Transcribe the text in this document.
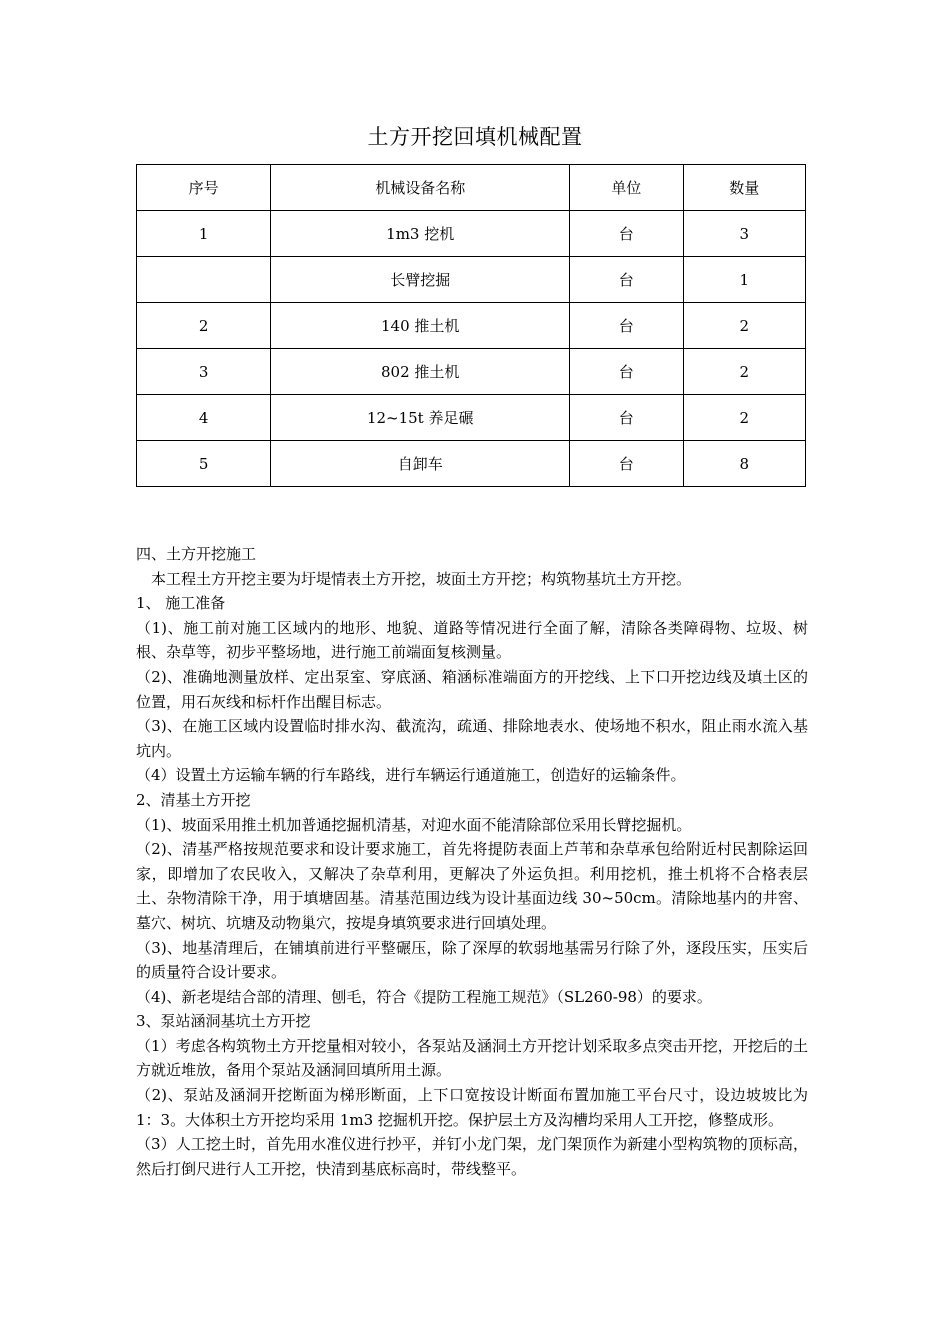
土方开挖回填机械配置
序号	机械设备名称	单位	数量
1	1m3 挖机	台	3
	长臂挖掘	台	1
2	140 推土机	台	2
3	802 推土机	台	2
4	12~15t 养足碾	台	2
5	自卸车	台	8

四、土方开挖施工

本工程土方开挖主要为圩堤情表土方开挖，坡面土方开挖；构筑物基坑土方开挖。

1、 施工准备

（1)、施工前对施工区域内的地形、地貌、道路等情况进行全面了解，清除各类障碍物、垃圾、树根、杂草等，初步平整场地，进行施工前端面复核测量。

（2)、准确地测量放样、定出泵室、穿底涵、箱涵标准端面方的开挖线、上下口开挖边线及填土区的位置，用石灰线和标杆作出醒目标志。

（3)、在施工区域内设置临时排水沟、截流沟，疏通、排除地表水、使场地不积水，阻止雨水流入基坑内。

（4）设置土方运输车辆的行车路线，进行车辆运行通道施工，创造好的运输条件。

2、清基土方开挖

（1)、坡面采用推土机加普通挖掘机清基，对迎水面不能清除部位采用长臂挖掘机。

（2)、清基严格按规范要求和设计要求施工，首先将提防表面上芦苇和杂草承包给附近村民割除运回家，即增加了农民收入，又解决了杂草利用，更解决了外运负担。利用挖机，推土机将不合格表层土、杂物清除干净，用于填塘固基。清基范围边线为设计基面边线 30~50cm。清除地基内的井窖、墓穴、树坑、坑塘及动物巢穴，按堤身填筑要求进行回填处理。

（3)、地基清理后，在铺填前进行平整碾压，除了深厚的软弱地基需另行除了外，逐段压实，压实后的质量符合设计要求。

（4)、新老堤结合部的清理、刨毛，符合《提防工程施工规范》（SL260-98）的要求。

3、泵站涵洞基坑土方开挖

（1）考虑各构筑物土方开挖量相对较小，各泵站及涵洞土方开挖计划采取多点突击开挖，开挖后的土方就近堆放，备用个泵站及涵洞回填所用土源。

（2)、泵站及涵洞开挖断面为梯形断面，上下口宽按设计断面布置加施工平台尺寸，设边坡坡比为 1：3。大体积土方开挖均采用 1m3 挖掘机开挖。保护层土方及沟槽均采用人工开挖，修整成形。

（3）人工挖土时，首先用水准仪进行抄平，并钉小龙门架，龙门架顶作为新建小型构筑物的顶标高，然后打倒尺进行人工开挖，快清到基底标高时，带线整平。
